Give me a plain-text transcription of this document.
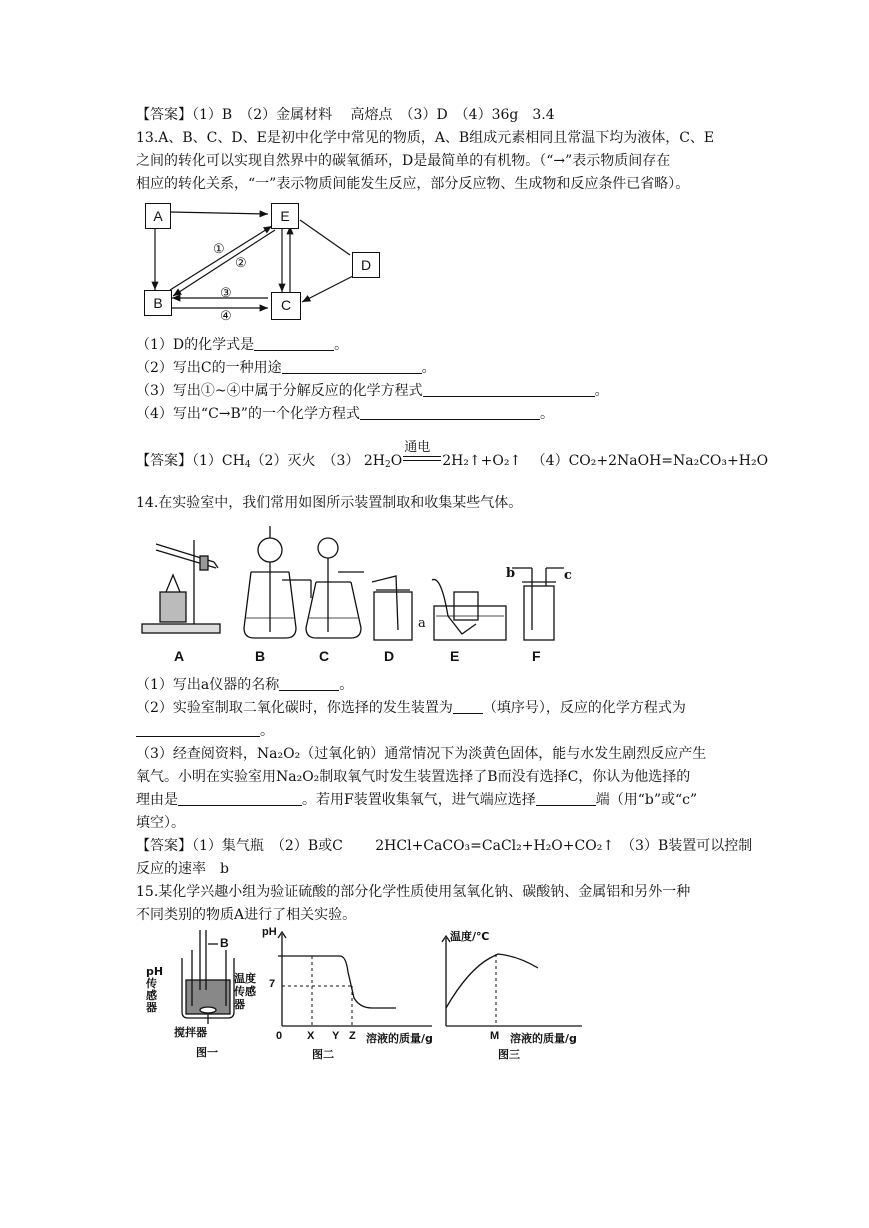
【答案】（1）B　（2）金属材料　 高熔点　（3）D　（4）36g　3.4
13.A、B、C、D、E是初中化学中常见的物质，A、B组成元素相同且常温下均为液体，C、E
之间的转化可以实现自然界中的碳氧循环，D是最简单的有机物。（“→”表示物质间存在
相应的转化关系，“一”表示物质间能发生反应，部分反应物、生成物和反应条件已省略）。
A	E
D
B	C
①
②
③
④
（1）D的化学式是	。
（2）写出C的一种用途	。
（3）写出①~④中属于分解反应的化学方程式	。
（4）写出“C→B”的一个化学方程式	。
【答案】$(1)CH_4(2)$灭火　（3） $2H_2O$
通电
2H₂↑+O₂↑ （4）CO₂+2NaOH=Na₂CO₃+H₂O
14.在实验室中，我们常用如图所示装置制取和收集某些气体。
a
b	c
A	B	C	D	E	F
（1）写出a仪器的名称	。
（2）实验室制取二氧化碳时，你选择的发生装置为 （填序号），反应的化学方程式为
。
（3）经查阅资料，Na₂O₂（过氧化钠）通常情况下为淡黄色固体，能与水发生剧烈反应产生
氧气。小明在实验室用Na₂O₂制取氧气时发生装置选择了B而没有选择C，你认为他选择的
理由是	。若用F装置收集氧气，进气端应选择	端（用“b”或“c”
填空）。
【答案】（1）集气瓶　（2）B或C　　 2HCl+CaCO₃=CaCl₂+H₂O+CO₂↑　（3）B装置可以控制
反应的速率　b
15.某化学兴趣小组为验证硫酸的部分化学性质使用氢氧化钠、碳酸钠、金属铝和另外一种
不同类别的物质A进行了相关实验。
B
pH
传
感
器
温度
传感
器
搅拌器
图一
pH
7
0 X Y Z 溶液的质量/g
图二
温度/℃
M 溶液的质量/g
图三
